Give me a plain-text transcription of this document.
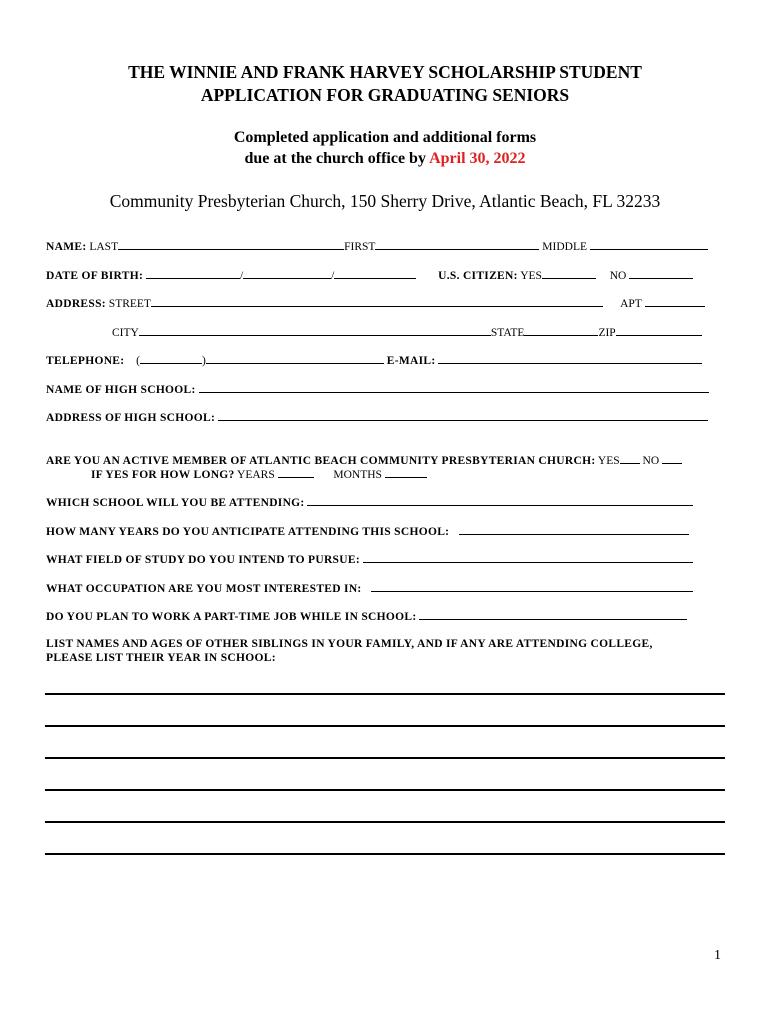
THE WINNIE AND FRANK HARVEY SCHOLARSHIP STUDENT
APPLICATION FOR GRADUATING SENIORS
Completed application and additional forms
due at the church office by April 30, 2022
Community Presbyterian Church, 150 Sherry Drive, Atlantic Beach, FL 32233
NAME: LAST	FIRST	MIDDLE
DATE OF BIRTH:	/	/	U.S. CITIZEN: YES	NO
ADDRESS: STREET	APT
CITY	STATE	ZIP
TELEPHONE: (	)	E-MAIL:
NAME OF HIGH SCHOOL:
ADDRESS OF HIGH SCHOOL:
ARE YOU AN ACTIVE MEMBER OF ATLANTIC BEACH COMMUNITY PRESBYTERIAN CHURCH: YES NO
IF YES FOR HOW LONG? YEARS	MONTHS
WHICH SCHOOL WILL YOU BE ATTENDING:
HOW MANY YEARS DO YOU ANTICIPATE ATTENDING THIS SCHOOL:
WHAT FIELD OF STUDY DO YOU INTEND TO PURSUE:
WHAT OCCUPATION ARE YOU MOST INTERESTED IN:
DO YOU PLAN TO WORK A PART-TIME JOB WHILE IN SCHOOL:
LIST NAMES AND AGES OF OTHER SIBLINGS IN YOUR FAMILY, AND IF ANY ARE ATTENDING COLLEGE,
PLEASE LIST THEIR YEAR IN SCHOOL:
1
